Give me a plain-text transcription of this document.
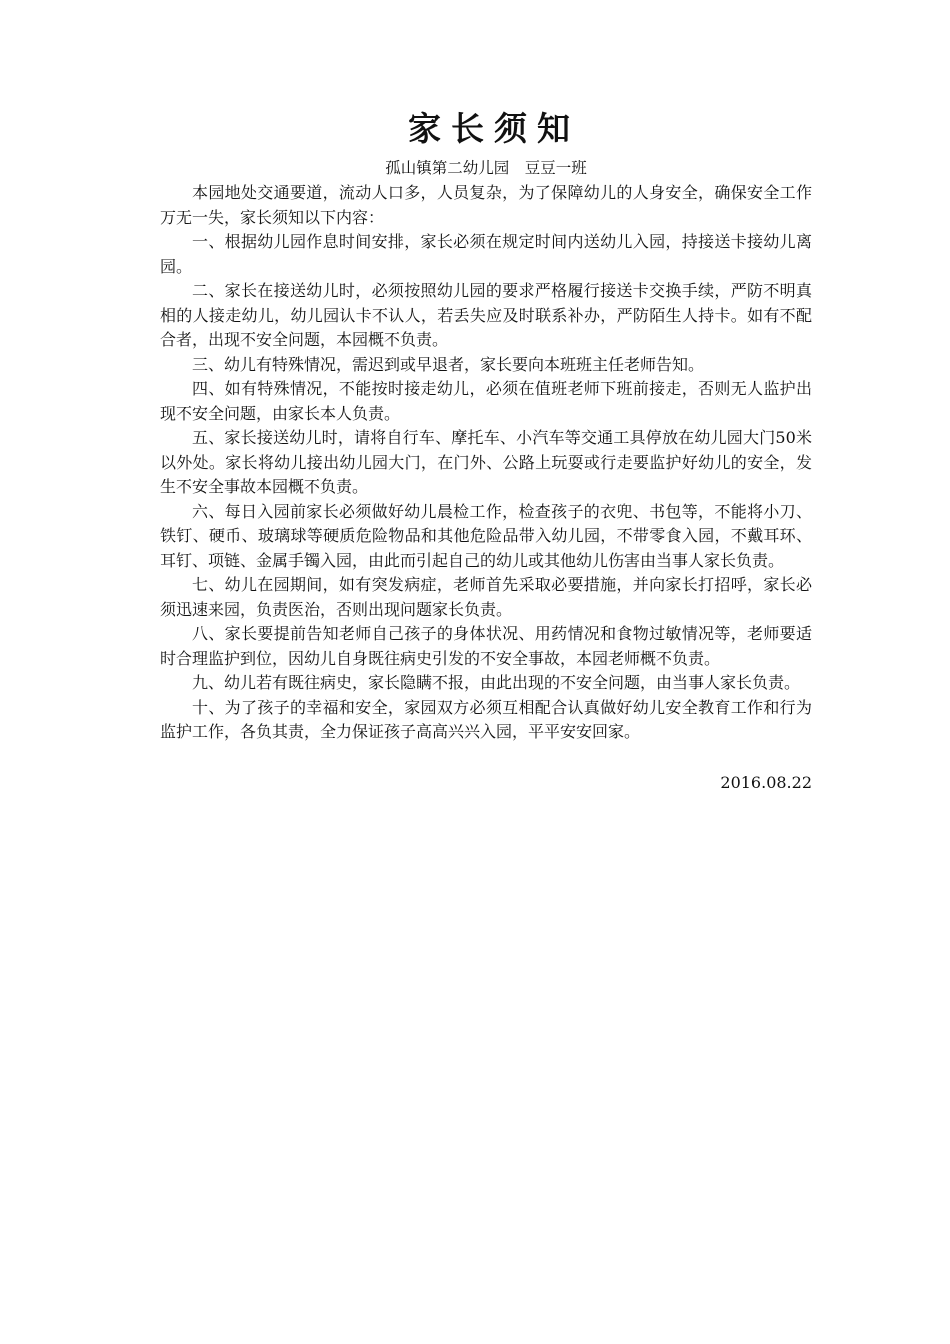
家长须知
孤山镇第二幼儿园　豆豆一班

本园地处交通要道，流动人口多，人员复杂，为了保障幼儿的人身安全，确保安全工作万无一失，家长须知以下内容：

一、根据幼儿园作息时间安排，家长必须在规定时间内送幼儿入园，持接送卡接幼儿离园。

二、家长在接送幼儿时，必须按照幼儿园的要求严格履行接送卡交换手续，严防不明真相的人接走幼儿，幼儿园认卡不认人，若丢失应及时联系补办，严防陌生人持卡。如有不配合者，出现不安全问题，本园概不负责。

三、幼儿有特殊情况，需迟到或早退者，家长要向本班班主任老师告知。

四、如有特殊情况，不能按时接走幼儿，必须在值班老师下班前接走，否则无人监护出现不安全问题，由家长本人负责。

五、家长接送幼儿时，请将自行车、摩托车、小汽车等交通工具停放在幼儿园大门50米以外处。家长将幼儿接出幼儿园大门，在门外、公路上玩耍或行走要监护好幼儿的安全，发生不安全事故本园概不负责。

六、每日入园前家长必须做好幼儿晨检工作，检查孩子的衣兜、书包等，不能将小刀、铁钉、硬币、玻璃球等硬质危险物品和其他危险品带入幼儿园，不带零食入园，不戴耳环、耳钉、项链、金属手镯入园，由此而引起自己的幼儿或其他幼儿伤害由当事人家长负责。

七、幼儿在园期间，如有突发病症，老师首先采取必要措施，并向家长打招呼，家长必须迅速来园，负责医治，否则出现问题家长负责。

八、家长要提前告知老师自己孩子的身体状况、用药情况和食物过敏情况等，老师要适时合理监护到位，因幼儿自身既往病史引发的不安全事故，本园老师概不负责。

九、幼儿若有既往病史，家长隐瞒不报，由此出现的不安全问题，由当事人家长负责。

十、为了孩子的幸福和安全，家园双方必须互相配合认真做好幼儿安全教育工作和行为监护工作，各负其责，全力保证孩子高高兴兴入园，平平安安回家。

2016.08.22
